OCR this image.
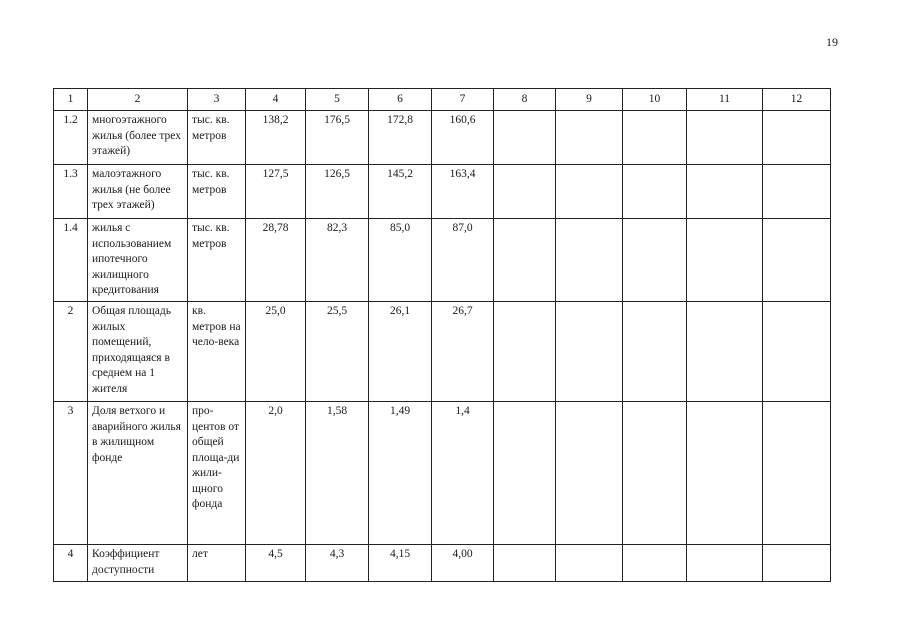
19
1	2	3	4	5	6	7	8	9	10	11	12
1.2	многоэтажного жилья (более трех этажей)	тыс. кв. метров	138,2	176,5	172,8	160,6					
1.3	малоэтажного жилья (не более трех этажей)	тыс. кв. метров	127,5	126,5	145,2	163,4					
1.4	жилья с использованием ипотечного жилищного кредитования	тыс. кв. метров	28,78	82,3	85,0	87,0					
2	Общая площадь жилых помещений, приходящаяся в среднем на 1 жителя	кв. метров на чело-века	25,0	25,5	26,1	26,7					
3	Доля ветхого и аварийного жилья в жилищном фонде	про-центов от общей площа-ди жили-щного фонда	2,0	1,58	1,49	1,4					
4	Коэффициент доступности	лет	4,5	4,3	4,15	4,00					
